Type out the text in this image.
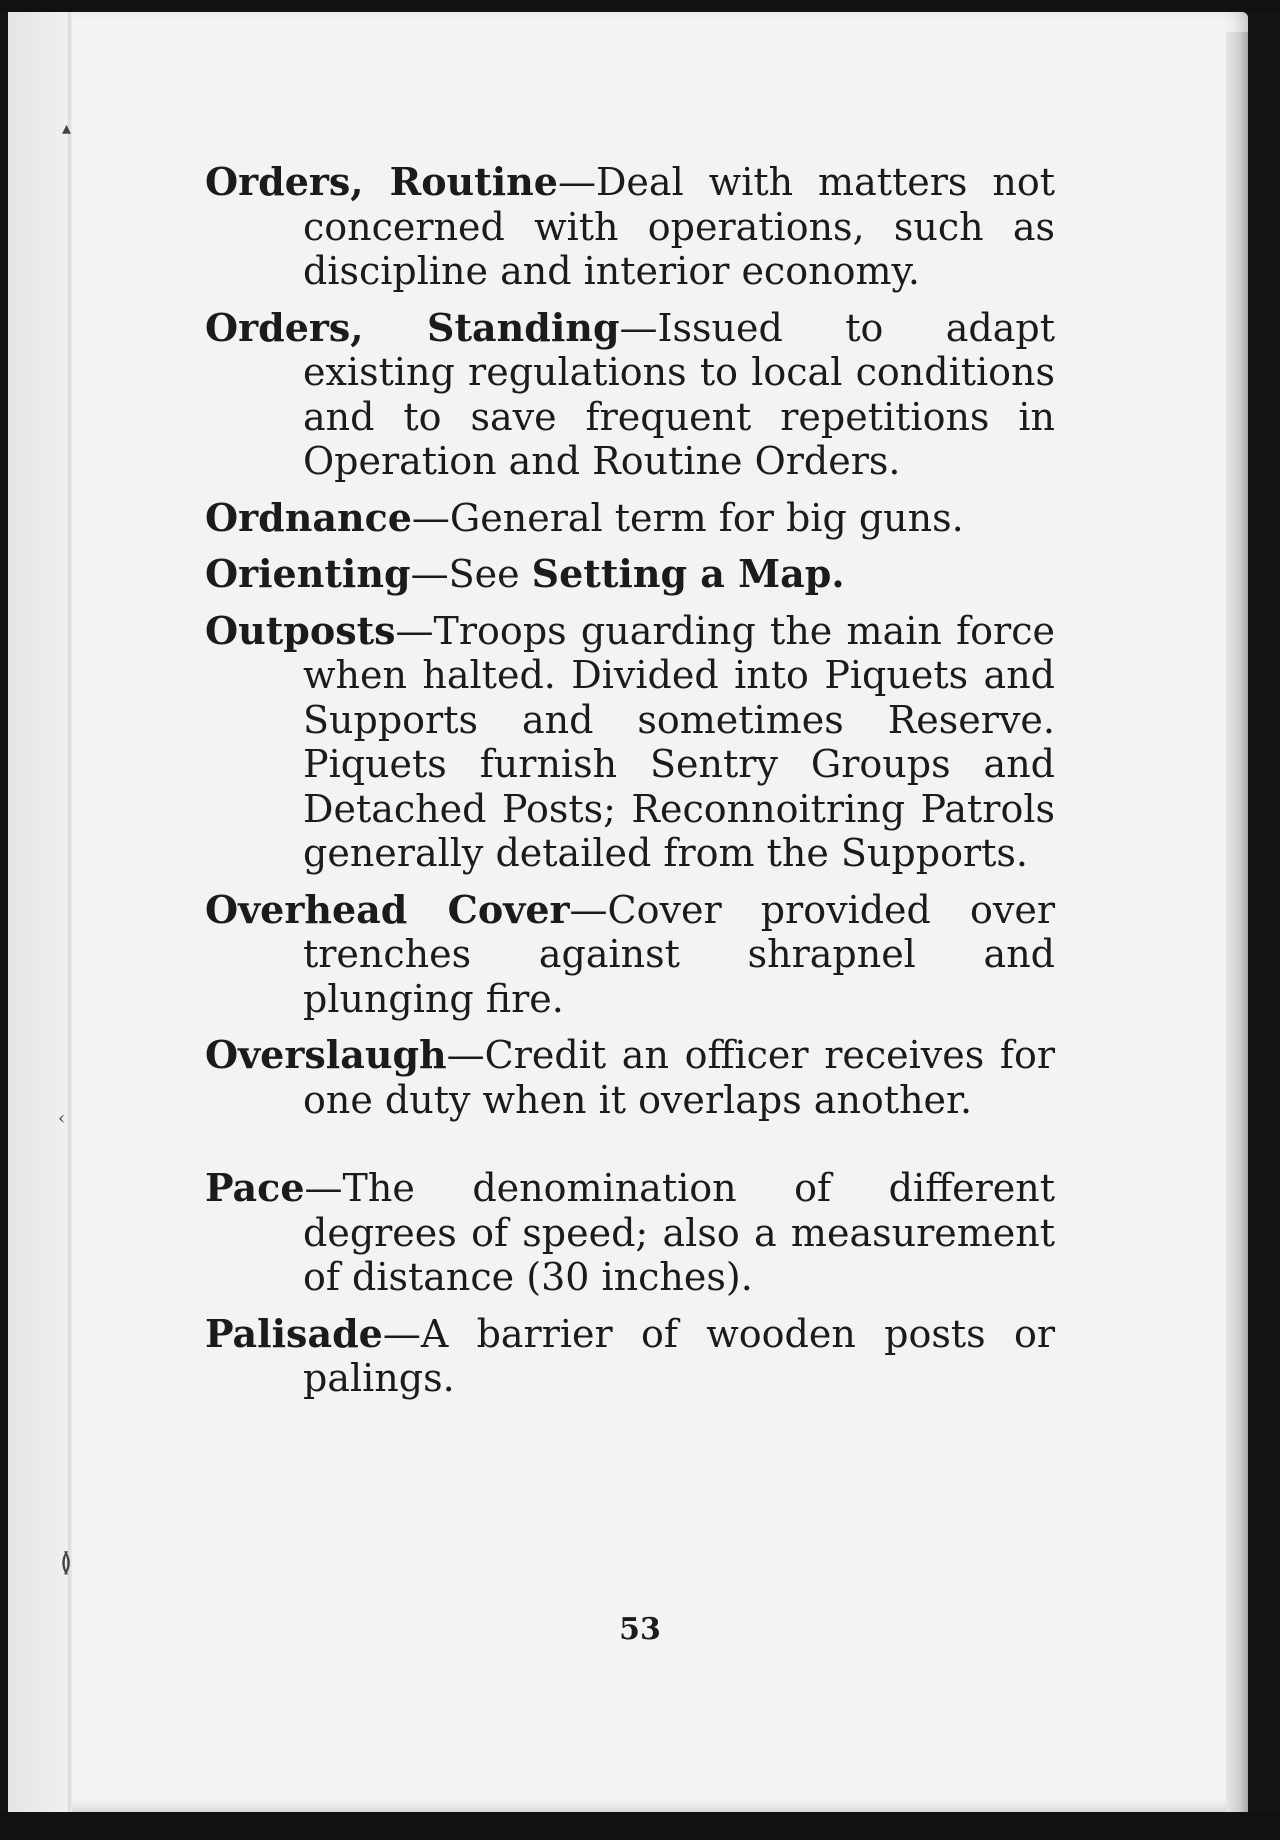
▴
‹
≬

Orders, Routine—Deal with matters not concerned with operations, such as discipline and interior economy.

Orders, Standing—Issued to adapt existing regulations to local conditions and to save frequent repetitions in Operation and Routine Orders.

Ordnance—General term for big guns.

Orienting—See Setting a Map.

Outposts—Troops guarding the main force when halted. Divided into Piquets and Supports and sometimes Reserve. Piquets furnish Sentry Groups and Detached Posts; Reconnoitring Patrols generally detailed from the Supports.

Overhead Cover—Cover provided over trenches against shrapnel and plunging fire.

Overslaugh—Credit an officer receives for one duty when it overlaps another.

Pace—The denomination of different degrees of speed; also a measurement of distance (30 inches).

Palisade—A barrier of wooden posts or palings.

53
